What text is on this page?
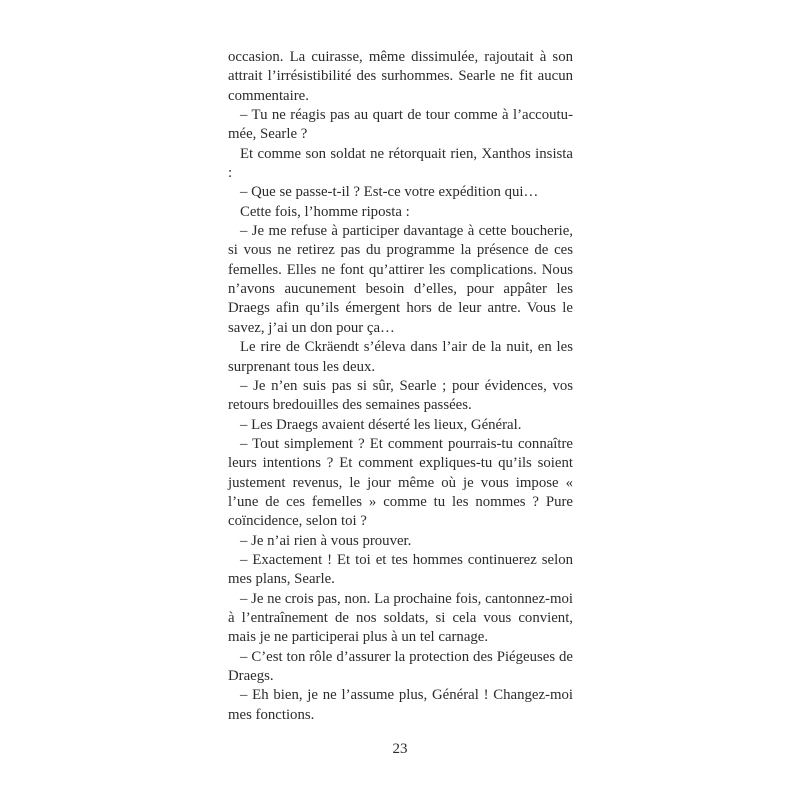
occasion. La cuirasse, même dissimulée, rajoutait à son attrait l’irrésistibilité des surhommes. Searle ne fit aucun commentaire.

– Tu ne réagis pas au quart de tour comme à l’accoutumée, Searle ?

Et comme son soldat ne rétorquait rien, Xanthos insista :

– Que se passe-t-il ? Est-ce votre expédition qui…

Cette fois, l’homme riposta :

– Je me refuse à participer davantage à cette boucherie, si vous ne retirez pas du programme la présence de ces femelles. Elles ne font qu’attirer les complications. Nous n’avons aucunement besoin d’elles, pour appâter les Draegs afin qu’ils émergent hors de leur antre. Vous le savez, j’ai un don pour ça…

Le rire de Ckräendt s’éleva dans l’air de la nuit, en les surprenant tous les deux.

– Je n’en suis pas si sûr, Searle ; pour évidences, vos retours bredouilles des semaines passées.

– Les Draegs avaient déserté les lieux, Général.

– Tout simplement ? Et comment pourrais-tu connaître leurs intentions ? Et comment expliques-tu qu’ils soient justement revenus, le jour même où je vous impose « l’une de ces femelles » comme tu les nommes ? Pure coïncidence, selon toi ?

– Je n’ai rien à vous prouver.

– Exactement ! Et toi et tes hommes continuerez selon mes plans, Searle.

– Je ne crois pas, non. La prochaine fois, cantonnez-moi à l’entraînement de nos soldats, si cela vous convient, mais je ne participerai plus à un tel carnage.

– C’est ton rôle d’assurer la protection des Piégeuses de Draegs.

– Eh bien, je ne l’assume plus, Général ! Changez-moi mes fonctions.

23
